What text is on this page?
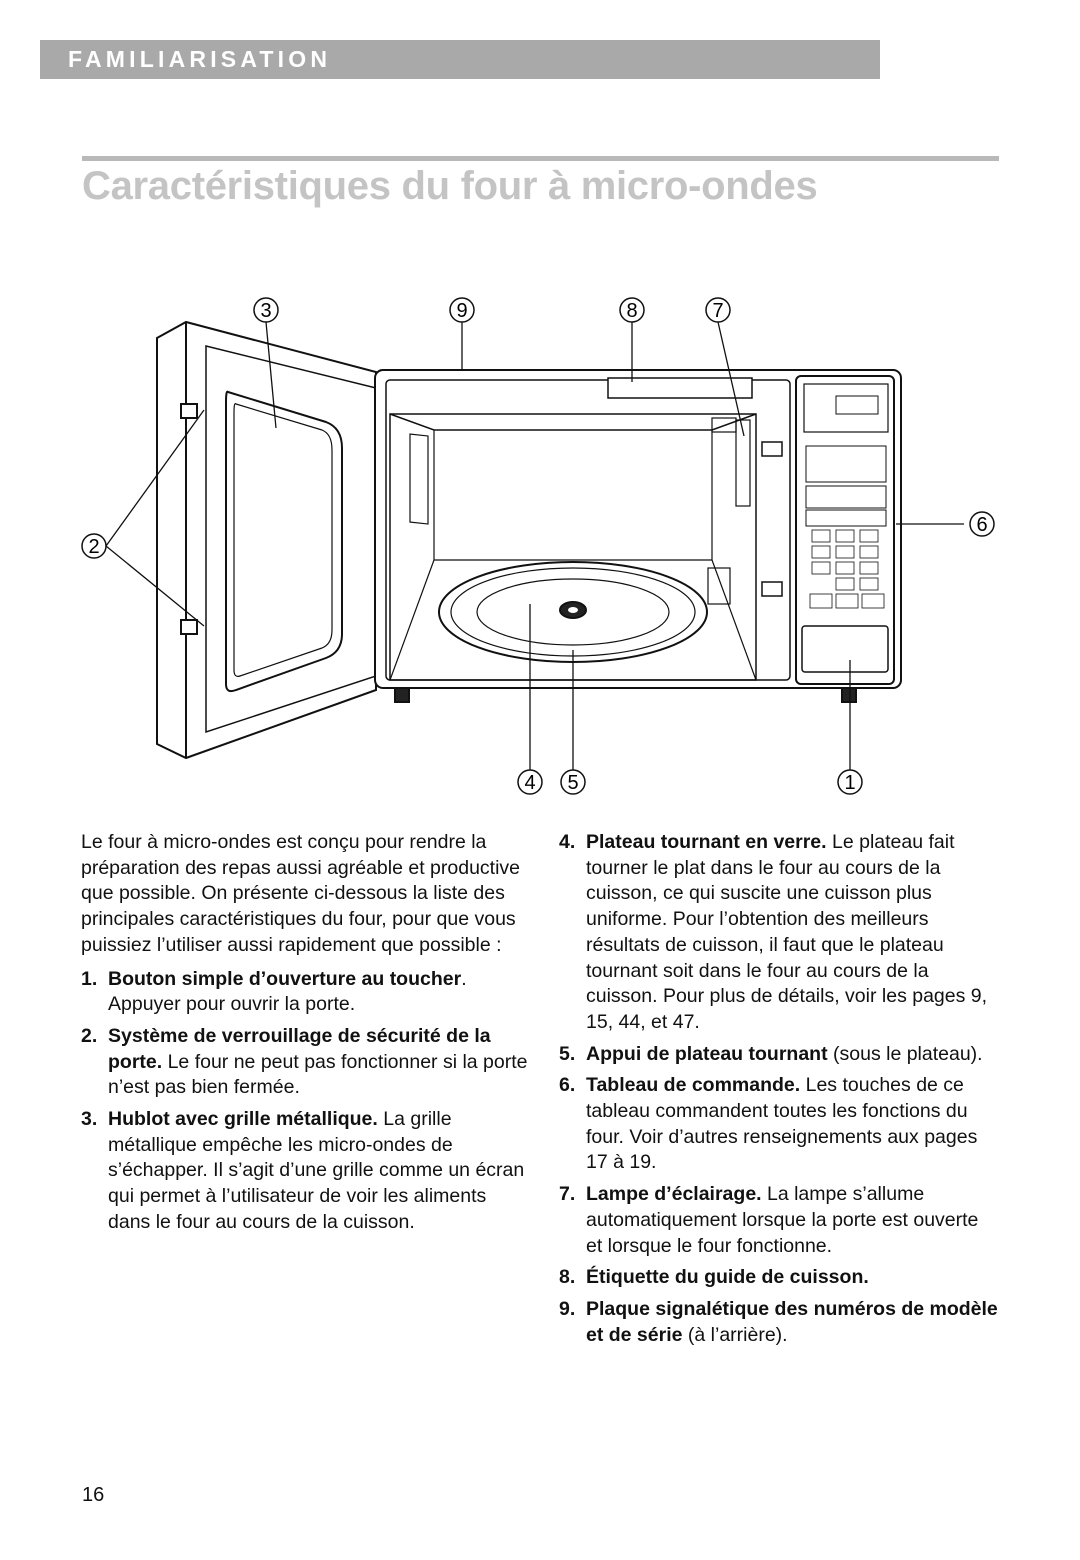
FAMILIARISATION
Caractéristiques du four à micro-ondes
3	9	8	7
2
6
4 5	1

Le four à micro-ondes est conçu pour rendre la préparation des repas aussi agréable et productive que possible. On présente ci-dessous la liste des principales caractéristiques du four, pour que vous puissiez l’utiliser aussi rapidement que possible :

1. Bouton simple d’ouverture au toucher. Appuyer pour ouvrir la porte.
2. Système de verrouillage de sécurité de la porte. Le four ne peut pas fonctionner si la porte n’est pas bien fermée.
3. Hublot avec grille métallique. La grille métallique empêche les micro-ondes de s’échapper. Il s’agit d’une grille comme un écran qui permet à l’utilisateur de voir les aliments dans le four au cours de la cuisson.
4. Plateau tournant en verre. Le plateau fait tourner le plat dans le four au cours de la cuisson, ce qui suscite une cuisson plus uniforme. Pour l’obtention des meilleurs résultats de cuisson, il faut que le plateau tournant soit dans le four au cours de la cuisson. Pour plus de détails, voir les pages 9, 15, 44, et 47.
5. Appui de plateau tournant (sous le plateau).
6. Tableau de commande. Les touches de ce tableau commandent toutes les fonctions du four. Voir d’autres renseignements aux pages 17 à 19.
7. Lampe d’éclairage. La lampe s’allume automatiquement lorsque la porte est ouverte et lorsque le four fonctionne.
8. Étiquette du guide de cuisson.
9. Plaque signalétique des numéros de modèle et de série (à l’arrière).
16
